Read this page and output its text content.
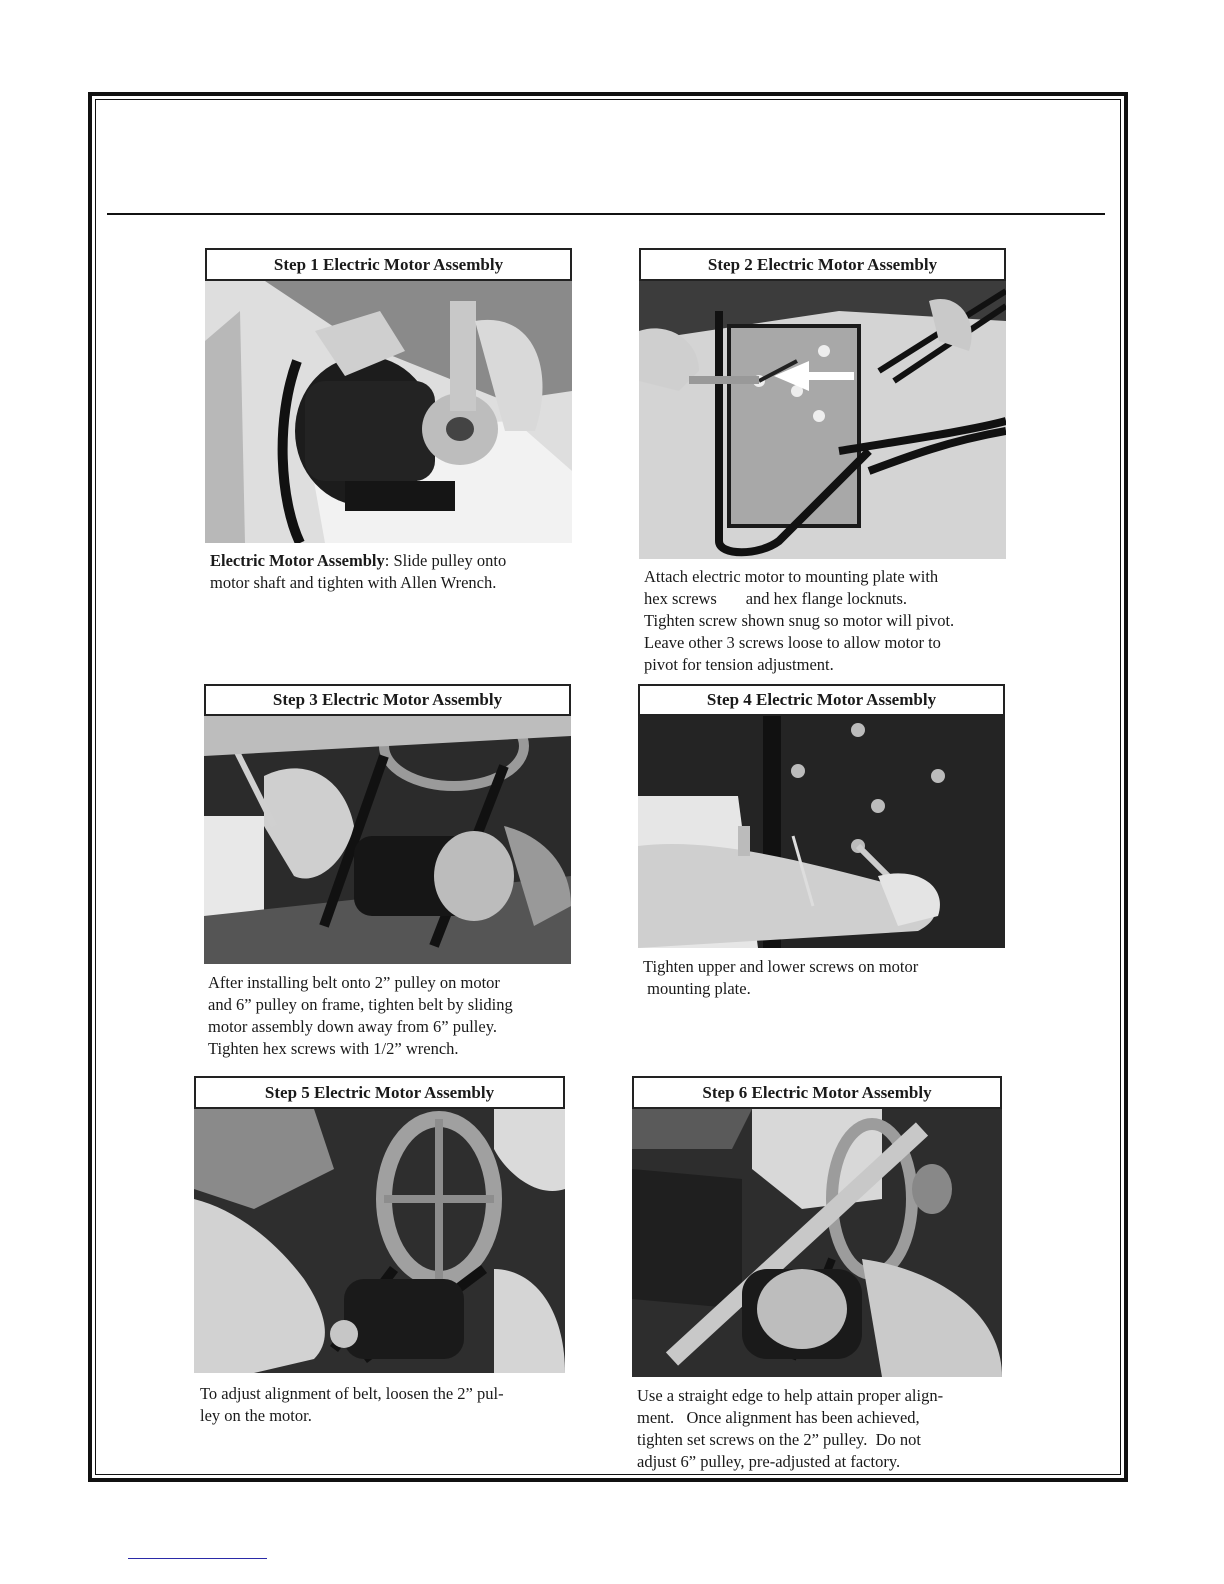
Step 1 Electric Motor Assembly

Electric Motor Assembly: Slide pulley onto

motor shaft and tighten with Allen Wrench.

Step 2 Electric Motor Assembly

Attach electric motor to mounting plate with

hex screws       and hex flange locknuts.

Tighten screw shown snug so motor will pivot.

Leave other 3 screws loose to allow motor to

pivot for tension adjustment.

Step 3 Electric Motor Assembly

After installing belt onto 2” pulley on motor

and 6” pulley on frame, tighten belt by sliding

motor assembly down away from 6” pulley.

Tighten hex screws with 1/2” wrench.

Step 4 Electric Motor Assembly

Tighten upper and lower screws on motor

mounting plate.

Step 5 Electric Motor Assembly

To adjust alignment of belt, loosen the 2” pul-

ley on the motor.

Step 6 Electric Motor Assembly

Use a straight edge to help attain proper align-

ment.   Once alignment has been achieved,

tighten set screws on the 2” pulley.  Do not

adjust 6” pulley, pre-adjusted at factory.
